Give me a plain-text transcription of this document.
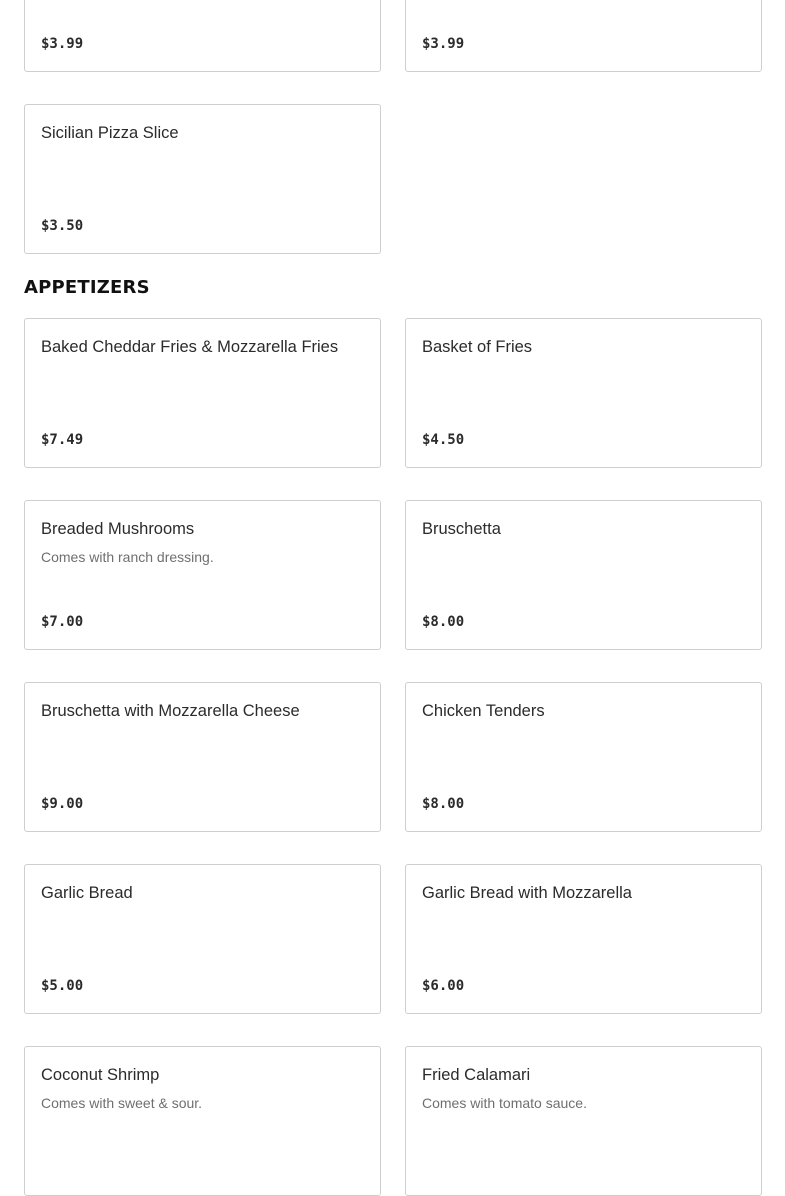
$3.99	$3.99
Sicilian Pizza Slice
$3.50
APPETIZERS
Baked Cheddar Fries & Mozzarella Fries
$7.49
Basket of Fries
$4.50
Breaded Mushrooms
Comes with ranch dressing.
$7.00
Bruschetta
$8.00
Bruschetta with Mozzarella Cheese
$9.00
Chicken Tenders
$8.00
Garlic Bread
$5.00
Garlic Bread with Mozzarella
$6.00
Coconut Shrimp
Comes with sweet & sour.
Fried Calamari
Comes with tomato sauce.
